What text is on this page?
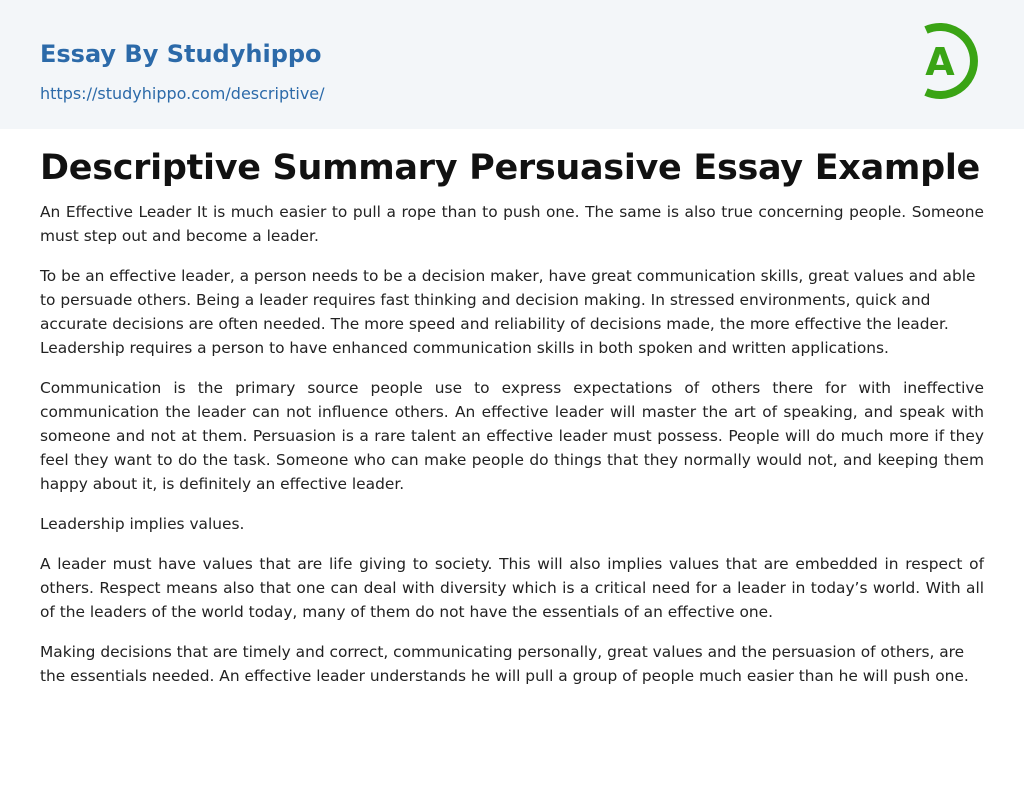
Essay By Studyhippo
https://studyhippo.com/descriptive/
A
Descriptive Summary Persuasive Essay Example

An Effective Leader It is much easier to pull a rope than to push one. The same is also true concerning people. Someone must step out and become a leader.

To be an effective leader, a person needs to be a decision maker, have great communication skills, great values and able to persuade others. Being a leader requires fast thinking and decision making. In stressed environments, quick and accurate decisions are often needed. The more speed and reliability of decisions made, the more effective the leader. Leadership requires a person to have enhanced communication skills in both spoken and written applications.

Communication is the primary source people use to express expectations of others there for with ineffective communication the leader can not influence others. An effective leader will master the art of speaking, and speak with someone and not at them. Persuasion is a rare talent an effective leader must possess. People will do much more if they feel they want to do the task. Someone who can make people do things that they normally would not, and keeping them happy about it, is definitely an effective leader.

Leadership implies values.

A leader must have values that are life giving to society. This will also implies values that are embedded in respect of others. Respect means also that one can deal with diversity which is a critical need for a leader in today’s world. With all of the leaders of the world today, many of them do not have the essentials of an effective one.

Making decisions that are timely and correct, communicating personally, great values and the persuasion of others, are the essentials needed. An effective leader understands he will pull a group of people much easier than he will push one.
